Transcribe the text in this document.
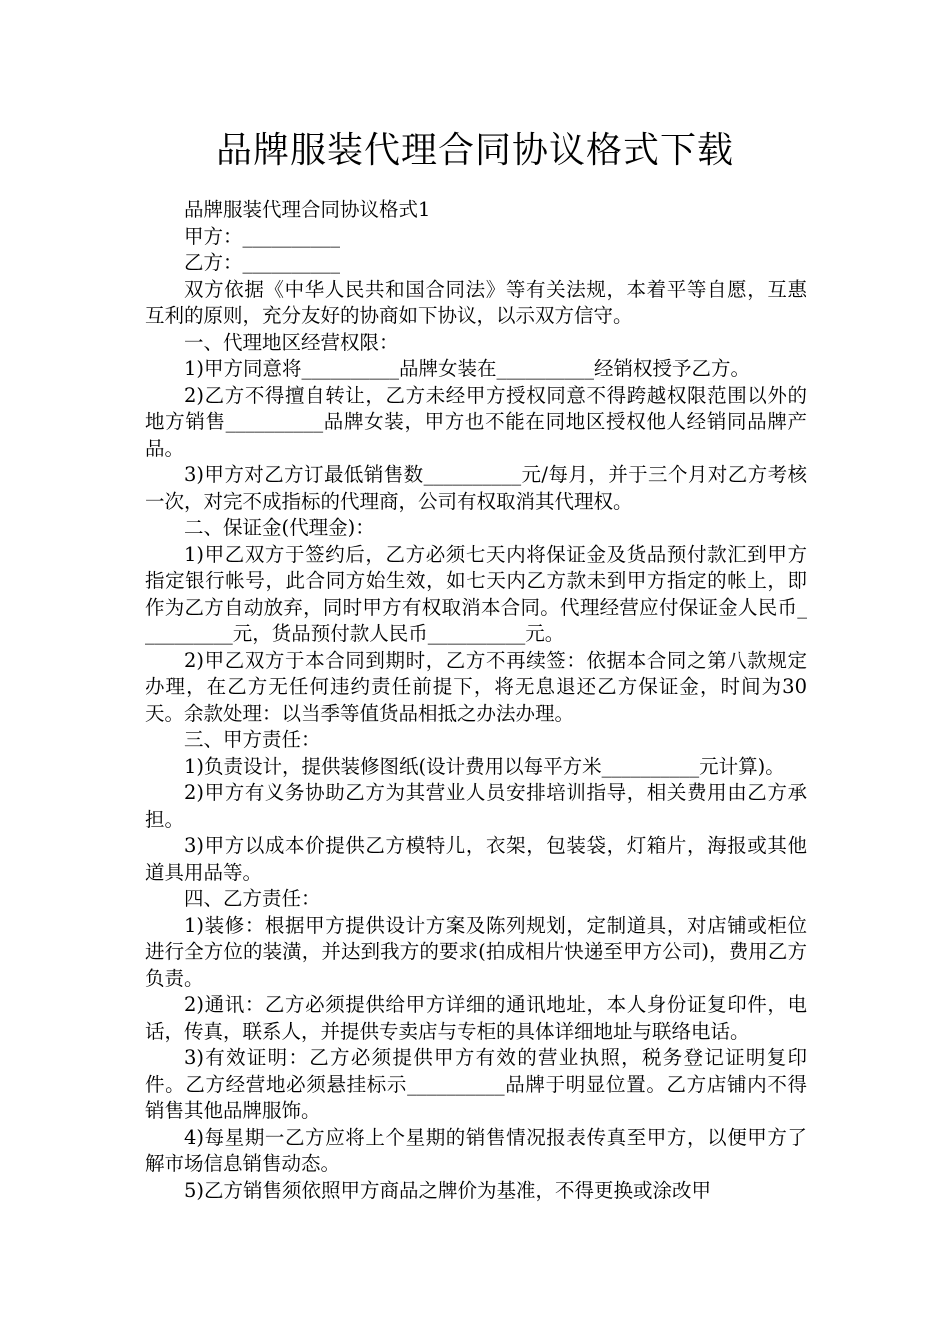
品牌服装代理合同协议格式下载

品牌服装代理合同协议格式1

甲方：__________

乙方：__________

双方依据《中华人民共和国合同法》等有关法规，本着平等自愿，互惠互利的原则，充分友好的协商如下协议，以示双方信守。

一、代理地区经营权限：

1)甲方同意将__________品牌女装在__________经销权授予乙方。

2)乙方不得擅自转让，乙方未经甲方授权同意不得跨越权限范围以外的地方销售__________品牌女装，甲方也不能在同地区授权他人经销同品牌产品。

3)甲方对乙方订最低销售数__________元/每月，并于三个月对乙方考核一次，对完不成指标的代理商，公司有权取消其代理权。

二、保证金(代理金)：

1)甲乙双方于签约后，乙方必须七天内将保证金及货品预付款汇到甲方指定银行帐号，此合同方始生效，如七天内乙方款未到甲方指定的帐上，即作为乙方自动放弃，同时甲方有权取消本合同。代理经营应付保证金人民币__________元，货品预付款人民币__________元。

2)甲乙双方于本合同到期时，乙方不再续签：依据本合同之第八款规定办理，在乙方无任何违约责任前提下，将无息退还乙方保证金，时间为30天。余款处理：以当季等值货品相抵之办法办理。

三、甲方责任：

1)负责设计，提供装修图纸(设计费用以每平方米__________元计算)。

2)甲方有义务协助乙方为其营业人员安排培训指导，相关费用由乙方承担。

3)甲方以成本价提供乙方模特儿，衣架，包装袋，灯箱片，海报或其他道具用品等。

四、乙方责任：

1)装修：根据甲方提供设计方案及陈列规划，定制道具，对店铺或柜位进行全方位的装潢，并达到我方的要求(拍成相片快递至甲方公司)，费用乙方负责。

2)通讯：乙方必须提供给甲方详细的通讯地址，本人身份证复印件，电话，传真，联系人，并提供专卖店与专柜的具体详细地址与联络电话。

3)有效证明：乙方必须提供甲方有效的营业执照，税务登记证明复印件。乙方经营地必须悬挂标示__________品牌于明显位置。乙方店铺内不得销售其他品牌服饰。

4)每星期一乙方应将上个星期的销售情况报表传真至甲方，以便甲方了解市场信息销售动态。

5)乙方销售须依照甲方商品之牌价为基准，不得更换或涂改甲
